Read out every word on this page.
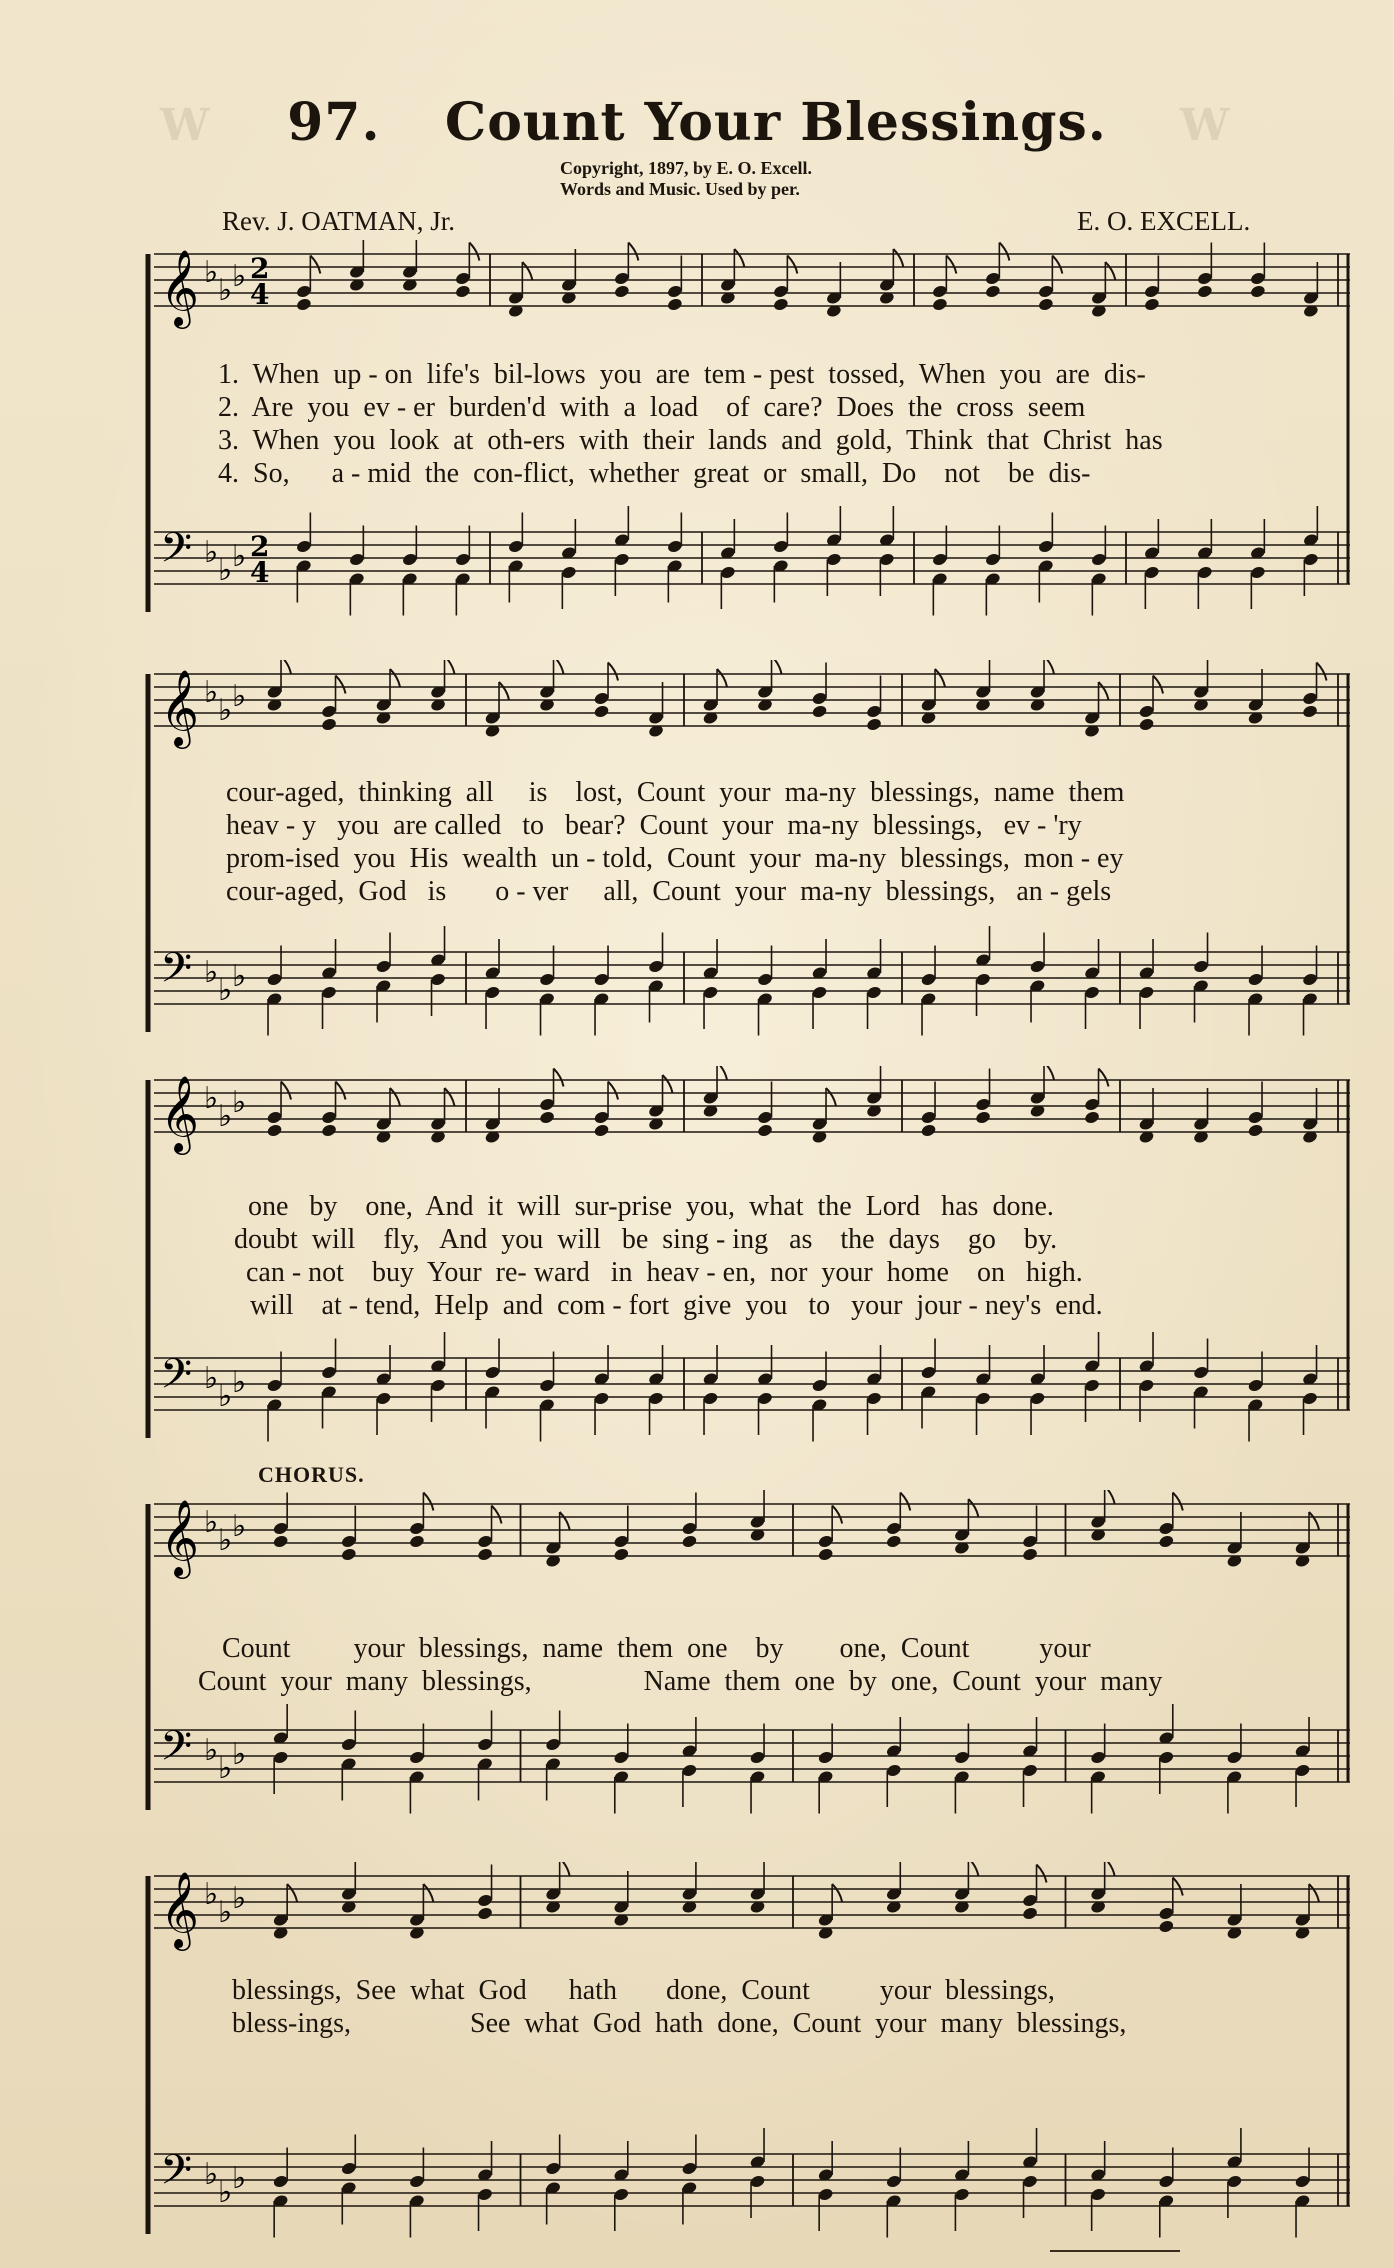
W	W
97. Count Your Blessings.
Copyright, 1897, by E. O. Excell.
Words and Music. Used by per.
Rev. J. OATMAN, Jr.	E. O. EXCELL.
𝄞
𝄢
♭
♭ ♭
♭
♭ ♭
2
4
2
4
1.  When  up - on  life's  bil-lows  you  are  tem - pest  tossed,  When  you  are  dis-
2.  Are  you  ev - er  burden'd  with  a  load    of  care?  Does  the  cross  seem
3.  When  you  look  at  oth-ers  with  their  lands  and  gold,  Think  that  Christ  has
4.  So,      a - mid  the  con-flict,  whether  great  or  small,  Do    not    be  dis-
𝄞
𝄢
♭
♭ ♭
♭
♭ ♭
cour-aged,  thinking  all     is    lost,  Count  your  ma-ny  blessings,  name  them
heav - y   you  are called   to   bear?  Count  your  ma-ny  blessings,   ev - 'ry
prom-ised  you  His  wealth  un - told,  Count  your  ma-ny  blessings,  mon - ey
cour-aged,  God   is       o - ver     all,  Count  your  ma-ny  blessings,   an - gels
𝄞
𝄢
♭
♭ ♭
♭
♭ ♭
one   by    one,  And  it  will  sur-prise  you,  what  the  Lord   has  done.
doubt  will    fly,   And  you  will   be  sing - ing   as    the  days    go    by.
can - not    buy  Your  re- ward   in  heav - en,  nor  your  home    on   high.
will    at - tend,  Help  and  com - fort  give  you   to   your  jour - ney's  end.
CHORUS.
𝄞
𝄢
♭
♭ ♭
♭
♭ ♭
Count         your  blessings,  name  them  one    by        one,  Count          your
Count  your  many  blessings,                Name  them  one  by  one,  Count  your  many
𝄞
𝄢
♭
♭ ♭
♭
♭ ♭
blessings,  See  what  God      hath       done,  Count          your  blessings,
bless-ings,                 See  what  God  hath  done,  Count  your  many  blessings,
